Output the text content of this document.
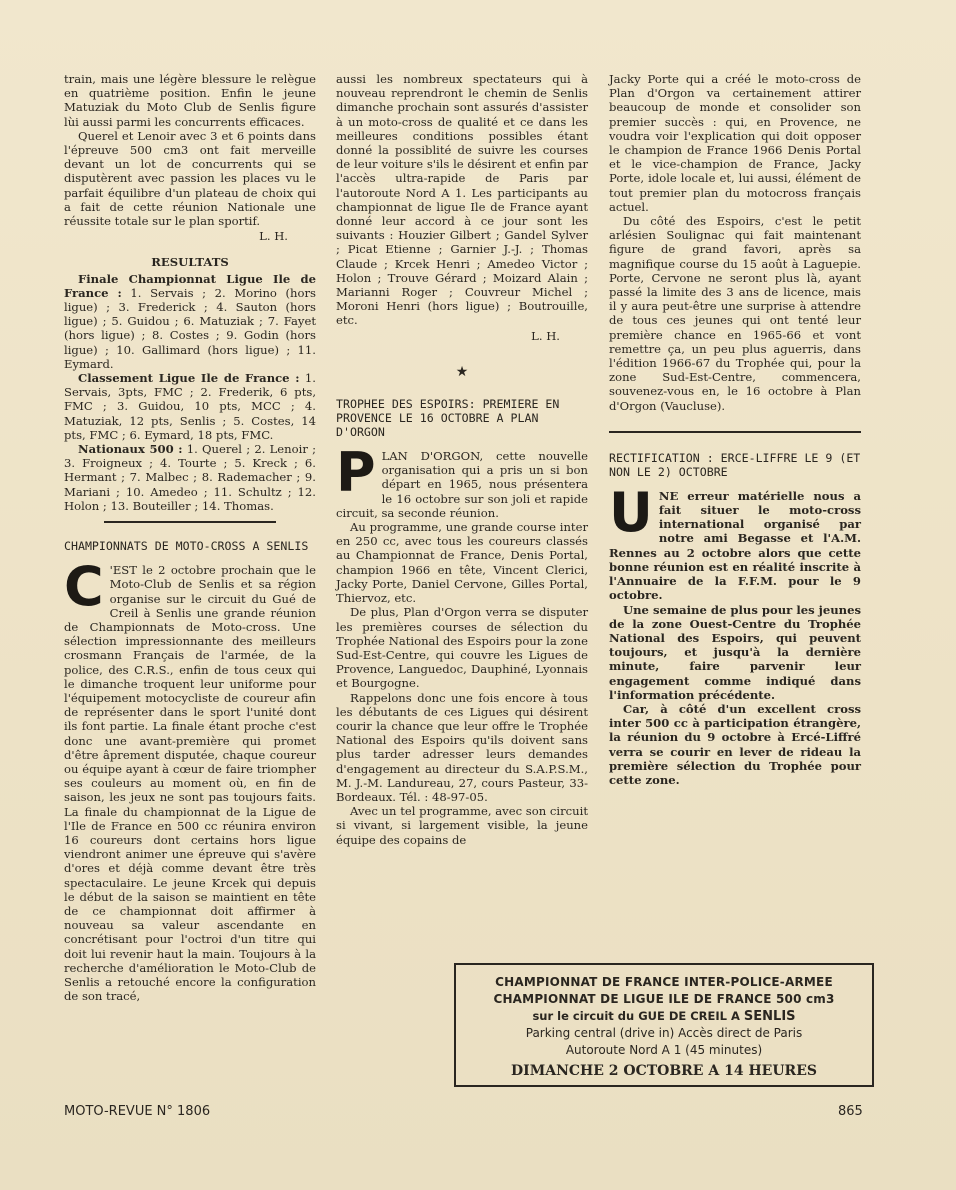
train, mais une légère blessure le relègue en quatrième position. Enfin le jeune Matuziak du Moto Club de Senlis figure lùi aussi parmi les concurrents efficaces.

Querel et Lenoir avec 3 et 6 points dans l'épreuve 500 cm3 ont fait merveille devant un lot de concurrents qui se disputèrent avec passion les places vu le parfait équilibre d'un plateau de choix qui a fait de cette réunion Nationale une réussite totale sur le plan sportif.

L. H.
RESULTATS

Finale Championnat Ligue Ile de France : 1. Servais ; 2. Morino (hors ligue) ; 3. Frederick ; 4. Sauton (hors ligue) ; 5. Guidou ; 6. Matuziak ; 7. Fayet (hors ligue) ; 8. Costes ; 9. Godin (hors ligue) ; 10. Gallimard (hors ligue) ; 11. Eymard.

Classement Ligue Ile de France : 1. Servais, 3pts, FMC ; 2. Frederik, 6 pts, FMC ; 3. Guidou, 10 pts, MCC ; 4. Matuziak, 12 pts, Senlis ; 5. Costes, 14 pts, FMC ; 6. Eymard, 18 pts, FMC.

Nationaux 500 : 1. Querel ; 2. Lenoir ; 3. Froigneux ; 4. Tourte ; 5. Kreck ; 6. Hermant ; 7. Malbec ; 8. Rademacher ; 9. Mariani ; 10. Amedeo ; 11. Schultz ; 12. Holon ; 13. Bouteiller ; 14. Thomas.

CHAMPIONNATS DE MOTO-CROSS A SENLIS

C 'EST le 2 octobre prochain que le Moto-Club de Senlis et sa région organise sur le circuit du Gué de Creil à Senlis une grande réunion de Championnats de Moto-cross. Une sélection impressionnante des meilleurs crosmann Français de l'armée, de la police, des C.R.S., enfin de tous ceux qui le dimanche troquent leur uniforme pour l'équipement motocycliste de coureur afin de représenter dans le sport l'unité dont ils font partie. La finale étant proche c'est donc une avant-première qui promet d'être âprement disputée, chaque coureur ou équipe ayant à cœur de faire triompher ses couleurs au moment où, en fin de saison, les jeux ne sont pas toujours faits. La finale du championnat de la Ligue de l'Ile de France en 500 cc réunira environ 16 coureurs dont certains hors ligue viendront animer une épreuve qui s'avère d'ores et déjà comme devant être très spectaculaire. Le jeune Krcek qui depuis le début de la saison se maintient en tête de ce championnat doit affirmer à nouveau sa valeur ascendante en concrétisant pour l'octroi d'un titre qui doit lui revenir haut la main. Toujours à la recherche d'amélioration le Moto-Club de Senlis a retouché encore la configuration de son tracé,

aussi les nombreux spectateurs qui à nouveau reprendront le chemin de Senlis dimanche prochain sont assurés d'assister à un moto-cross de qualité et ce dans les meilleures conditions possibles étant donné la possiblité de suivre les courses de leur voiture s'ils le désirent et enfin par l'accès ultra-rapide de Paris par l'autoroute Nord A 1. Les participants au championnat de ligue Ile de France ayant donné leur accord à ce jour sont les suivants : Houzier Gilbert ; Gandel Sylver ; Picat Etienne ; Garnier J.-J. ; Thomas Claude ; Krcek Henri ; Amedeo Victor ; Holon ; Trouve Gérard ; Moizard Alain ; Marianni Roger ; Couvreur Michel ; Moroni Henri (hors ligue) ; Boutrouille, etc.

L. H.
★
TROPHEE DES ESPOIRS: PREMIERE EN PROVENCE LE 16 OCTOBRE A PLAN D'ORGON

PLAN D'ORGON, cette nouvelle organisation qui a pris un si bon départ en 1965, nous présentera le 16 octobre sur son joli et rapide circuit, sa seconde réunion.

Au programme, une grande course inter en 250 cc, avec tous les coureurs classés au Championnat de France, Denis Portal, champion 1966 en tête, Vincent Clerici, Jacky Porte, Daniel Cervone, Gilles Portal, Thiervoz, etc.

De plus, Plan d'Orgon verra se disputer les premières courses de sélection du Trophée National des Espoirs pour la zone Sud-Est-Centre, qui couvre les Ligues de Provence, Languedoc, Dauphiné, Lyonnais et Bourgogne.

Rappelons donc une fois encore à tous les débutants de ces Ligues qui désirent courir la chance que leur offre le Trophée National des Espoirs qu'ils doivent sans plus tarder adresser leurs demandes d'engagement au directeur du S.A.P.S.M., M. J.-M. Landureau, 27, cours Pasteur, 33-Bordeaux. Tél. : 48-97-05.

Avec un tel programme, avec son circuit si vivant, si largement visible, la jeune équipe des copains de

Jacky Porte qui a créé le moto-cross de Plan d'Orgon va certainement attirer beaucoup de monde et consolider son premier succès : qui, en Provence, ne voudra voir l'explication qui doit opposer le champion de France 1966 Denis Portal et le vice-champion de France, Jacky Porte, idole locale et, lui aussi, élément de tout premier plan du motocross français actuel.

Du côté des Espoirs, c'est le petit arlésien Soulignac qui fait maintenant figure de grand favori, après sa magnifique course du 15 août à Laguepie. Porte, Cervone ne seront plus là, ayant passé la limite des 3 ans de licence, mais il y aura peut-être une surprise à attendre de tous ces jeunes qui ont tenté leur première chance en 1965-66 et vont remettre ça, un peu plus aguerris, dans l'édition 1966-67 du Trophée qui, pour la zone Sud-Est-Centre, commencera, souvenez-vous en, le 16 octobre à Plan d'Orgon (Vaucluse).

RECTIFICATION : ERCE-LIFFRE LE 9 (ET NON LE 2) OCTOBRE

UNE erreur matérielle nous a fait situer le moto-cross international organisé par notre ami Begasse et l'A.M. Rennes au 2 octobre alors que cette bonne réunion est en réalité inscrite à l'Annuaire de la F.F.M. pour le 9 octobre.

Une semaine de plus pour les jeunes de la zone Ouest-Centre du Trophée National des Espoirs, qui peuvent toujours, et jusqu'à la dernière minute, faire parvenir leur engagement comme indiqué dans l'information précédente.

Car, à côté d'un excellent cross inter 500 cc à participation étrangère, la réunion du 9 octobre à Ercé-Liffré verra se courir en lever de rideau la première sélection du Trophée pour cette zone.

CHAMPIONNAT DE FRANCE INTER-POLICE-ARMEE
CHAMPIONNAT DE LIGUE ILE DE FRANCE 500 cm3
sur le circuit du GUE DE CREIL A SENLIS
Parking central (drive in) Accès direct de Paris
Autoroute Nord A 1 (45 minutes)
DIMANCHE 2 OCTOBRE A 14 HEURES
MOTO-REVUE N° 1806	865
